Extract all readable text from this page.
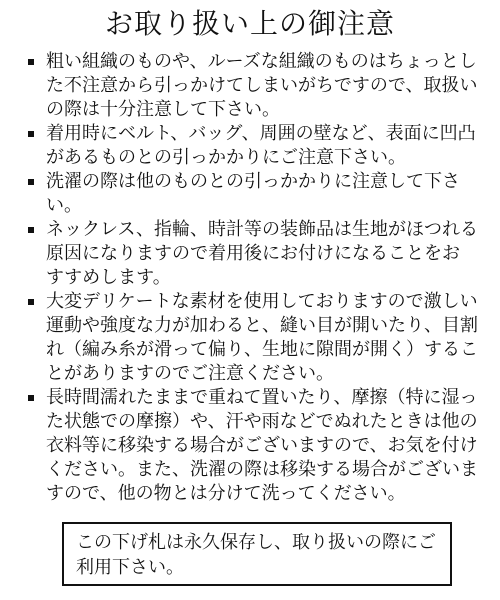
お取り扱い上の御注意
粗い組織のものや、ルーズな組織のものはちょっとした不注意から引っかけてしまいがちですので、取扱いの際は十分注意して下さい。
着用時にベルト、バッグ、周囲の壁など、表面に凹凸があるものとの引っかかりにご注意下さい。
洗濯の際は他のものとの引っかかりに注意して下さい。
ネックレス、指輪、時計等の装飾品は生地がほつれる原因になりますので着用後にお付けになることをおすすめします。
大変デリケートな素材を使用しておりますので激しい運動や強度な力が加わると、縫い目が開いたり、目割れ（編み糸が滑って偏り、生地に隙間が開く）することがありますのでご注意ください。
長時間濡れたままで重ねて置いたり、摩擦（特に湿った状態での摩擦）や、汗や雨などでぬれたときは他の衣料等に移染する場合がございますので、お気を付けください。また、洗濯の際は移染する場合がございますので、他の物とは分けて洗ってください。
この下げ札は永久保存し、取り扱いの際にご利用下さい。
